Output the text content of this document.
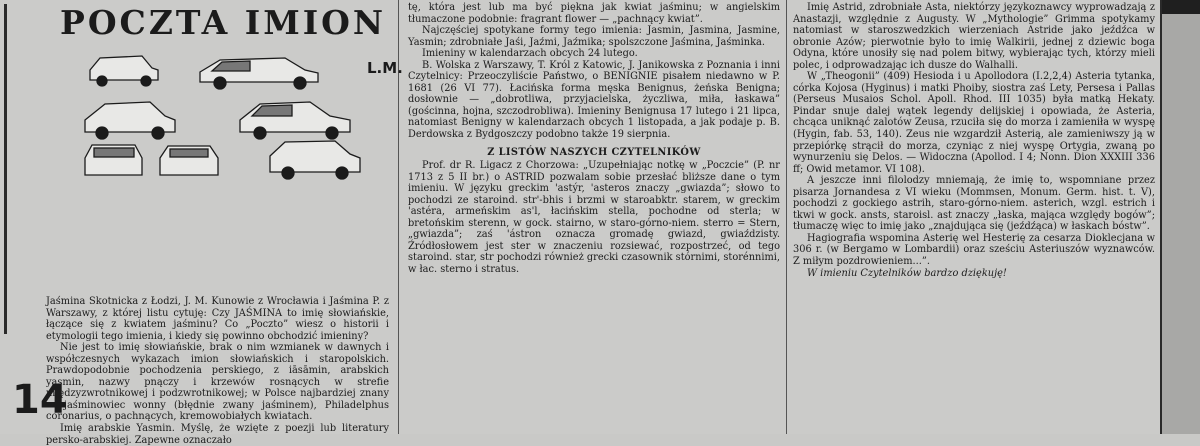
POCZTA IMION
L.M.

Jaśmina Skotnicka z Łodzi, J. M. Kunowie z Wrocławia i Jaśmina P. z Warszawy, z której listu cytuję: Czy JAŚMINA to imię słowiańskie, łączące się z kwiatem jaśminu? Co „Poczto” wiesz o historii i etymologii tego imienia, i kiedy się powinno obchodzić imieniny?

Nie jest to imię słowiańskie, brak o nim wzmianek w dawnych i współczesnych wykazach imion słowiańskich i staropolskich. Prawdopodobnie pochodzenia perskiego, z iāsāmin, arabskich yasmin, nazwy pnączy i krzewów rosnących w strefie międzyzwrotnikowej i podzwrotnikowej; w Polsce najbardziej znany — jaśminowiec wonny (błędnie zwany jaśminem), Philadelphus coronarius, o pachnących, kremowobiałych kwiatach.

Imię arabskie Yasmin. Myślę, że wzięte z poezji lub literatury persko-arabskiej. Zapewne oznaczało

14

tę, która jest lub ma być piękna jak kwiat jaśminu; w angielskim tłumaczone podobnie: fragrant flower — „pachnący kwiat”.

Najczęściej spotykane formy tego imienia: Jasmin, Jasmina, Jasmine, Yasmin; zdrobniałe Jaśi, Jaźmi, Jaźmika; spolszczone Jaśmina, Jaśminka.

Imieniny w kalendarzach obcych 24 lutego.

B. Wolska z Warszawy, T. Król z Katowic, J. Janikowska z Poznania i inni Czytelnicy: Przeoczyliście Państwo, o BENIGNIE pisałem niedawno w P. 1681 (26 VI 77). Łacińska forma męska Benignus, żeńska Benigna; dosłownie — „dobrotliwa, przyjacielska, życzliwa, miła, łaskawa” (gościnna, hojna, szczodrobliwa). Imieniny Benignusa 17 lutego i 21 lipca, natomiast Benigny w kalendarzach obcych 1 listopada, a jak podaje p. B. Derdowska z Bydgoszczy podobno także 19 sierpnia.

Z LISTÓW NASZYCH CZYTELNIKÓW

Prof. dr R. Ligacz z Chorzowa: „Uzupełniając notkę w „Poczcie” (P. nr 1713 z 5 II br.) o ASTRID pozwalam sobie przesłać bliższe dane o tym imieniu. W języku greckim 'astýr, 'asteros znaczy „gwiazda”; słowo to pochodzi ze staroind. str'-bhis i brzmi w staroabktr. starem, w greckim 'astéra, armeńskim as'l, łacińskim stella, pochodne od sterla; w bretońskim sterenn, w gock. stairno, w staro-górno-niem. sterro = Stern, „gwiazda”; zaś 'ástron oznacza gromadę gwiazd, gwiaździsty. Źródłosłowem jest ster w znaczeniu rozsiewać, rozpostrzeć, od tego staroind. star, str pochodzi również grecki czasownik stórnimi, storénnimi, w łac. sterno i stratus.

Imię Astrid, zdrobniałe Asta, niektórzy językoznawcy wyprowadzają z Anastazji, względnie z Augusty. W „Mythologie” Grimma spotykamy natomiast w staroszwedzkich wierzeniach Astride jako jeźdźca w obronie Azów; pierwotnie było to imię Walkirii, jednej z dziewic boga Odyna, które unosiły się nad polem bitwy, wybierając tych, którzy mieli polec, i odprowadzając ich dusze do Walhalli.

W „Theogonii” (409) Hesioda i u Apollodora (I.2,2,4) Asteria tytanka, córka Kojosa (Hyginus) i matki Phoiby, siostra zaś Lety, Persesa i Pallas (Perseus Musaios Schol. Apoll. Rhod. III 1035) była matką Hekaty. Pindar snuje dalej wątek legendy delijskiej i opowiada, że Asteria, chcąca uniknąć zalotów Zeusa, rzuciła się do morza i zamieniła w wyspę (Hygin, fab. 53, 140). Zeus nie wzgardził Asterią, ale zamieniwszy ją w przepiórkę strącił do morza, czyniąc z niej wyspę Ortygia, zwaną po wynurzeniu się Delos. — Widoczna (Apollod. I 4; Nonn. Dion XXXIII 336 ff; Owid metamor. VI 108).

A jeszcze inni filolodzy mniemają, że imię to, wspomniane przez pisarza Jornandesa z VI wieku (Mommsen, Monum. Germ. hist. t. V), pochodzi z gockiego astrih, staro-górno-niem. asterich, wzgl. estrich i tkwi w gock. ansts, staroisl. ast znaczy „łaska, mająca względy bogów”; tłumaczę więc to imię jako „znajdująca się (jeźdźąca) w łaskach bóstw”.

Hagiografia wspomina Asterię wel Hesterię za cesarza Dioklecjana w 306 r. (w Bergamo w Lombardii) oraz sześciu Asteriuszów wyznawców. Z miłym pozdrowieniem...”.

W imieniu Czytelników bardzo dziękuję!
